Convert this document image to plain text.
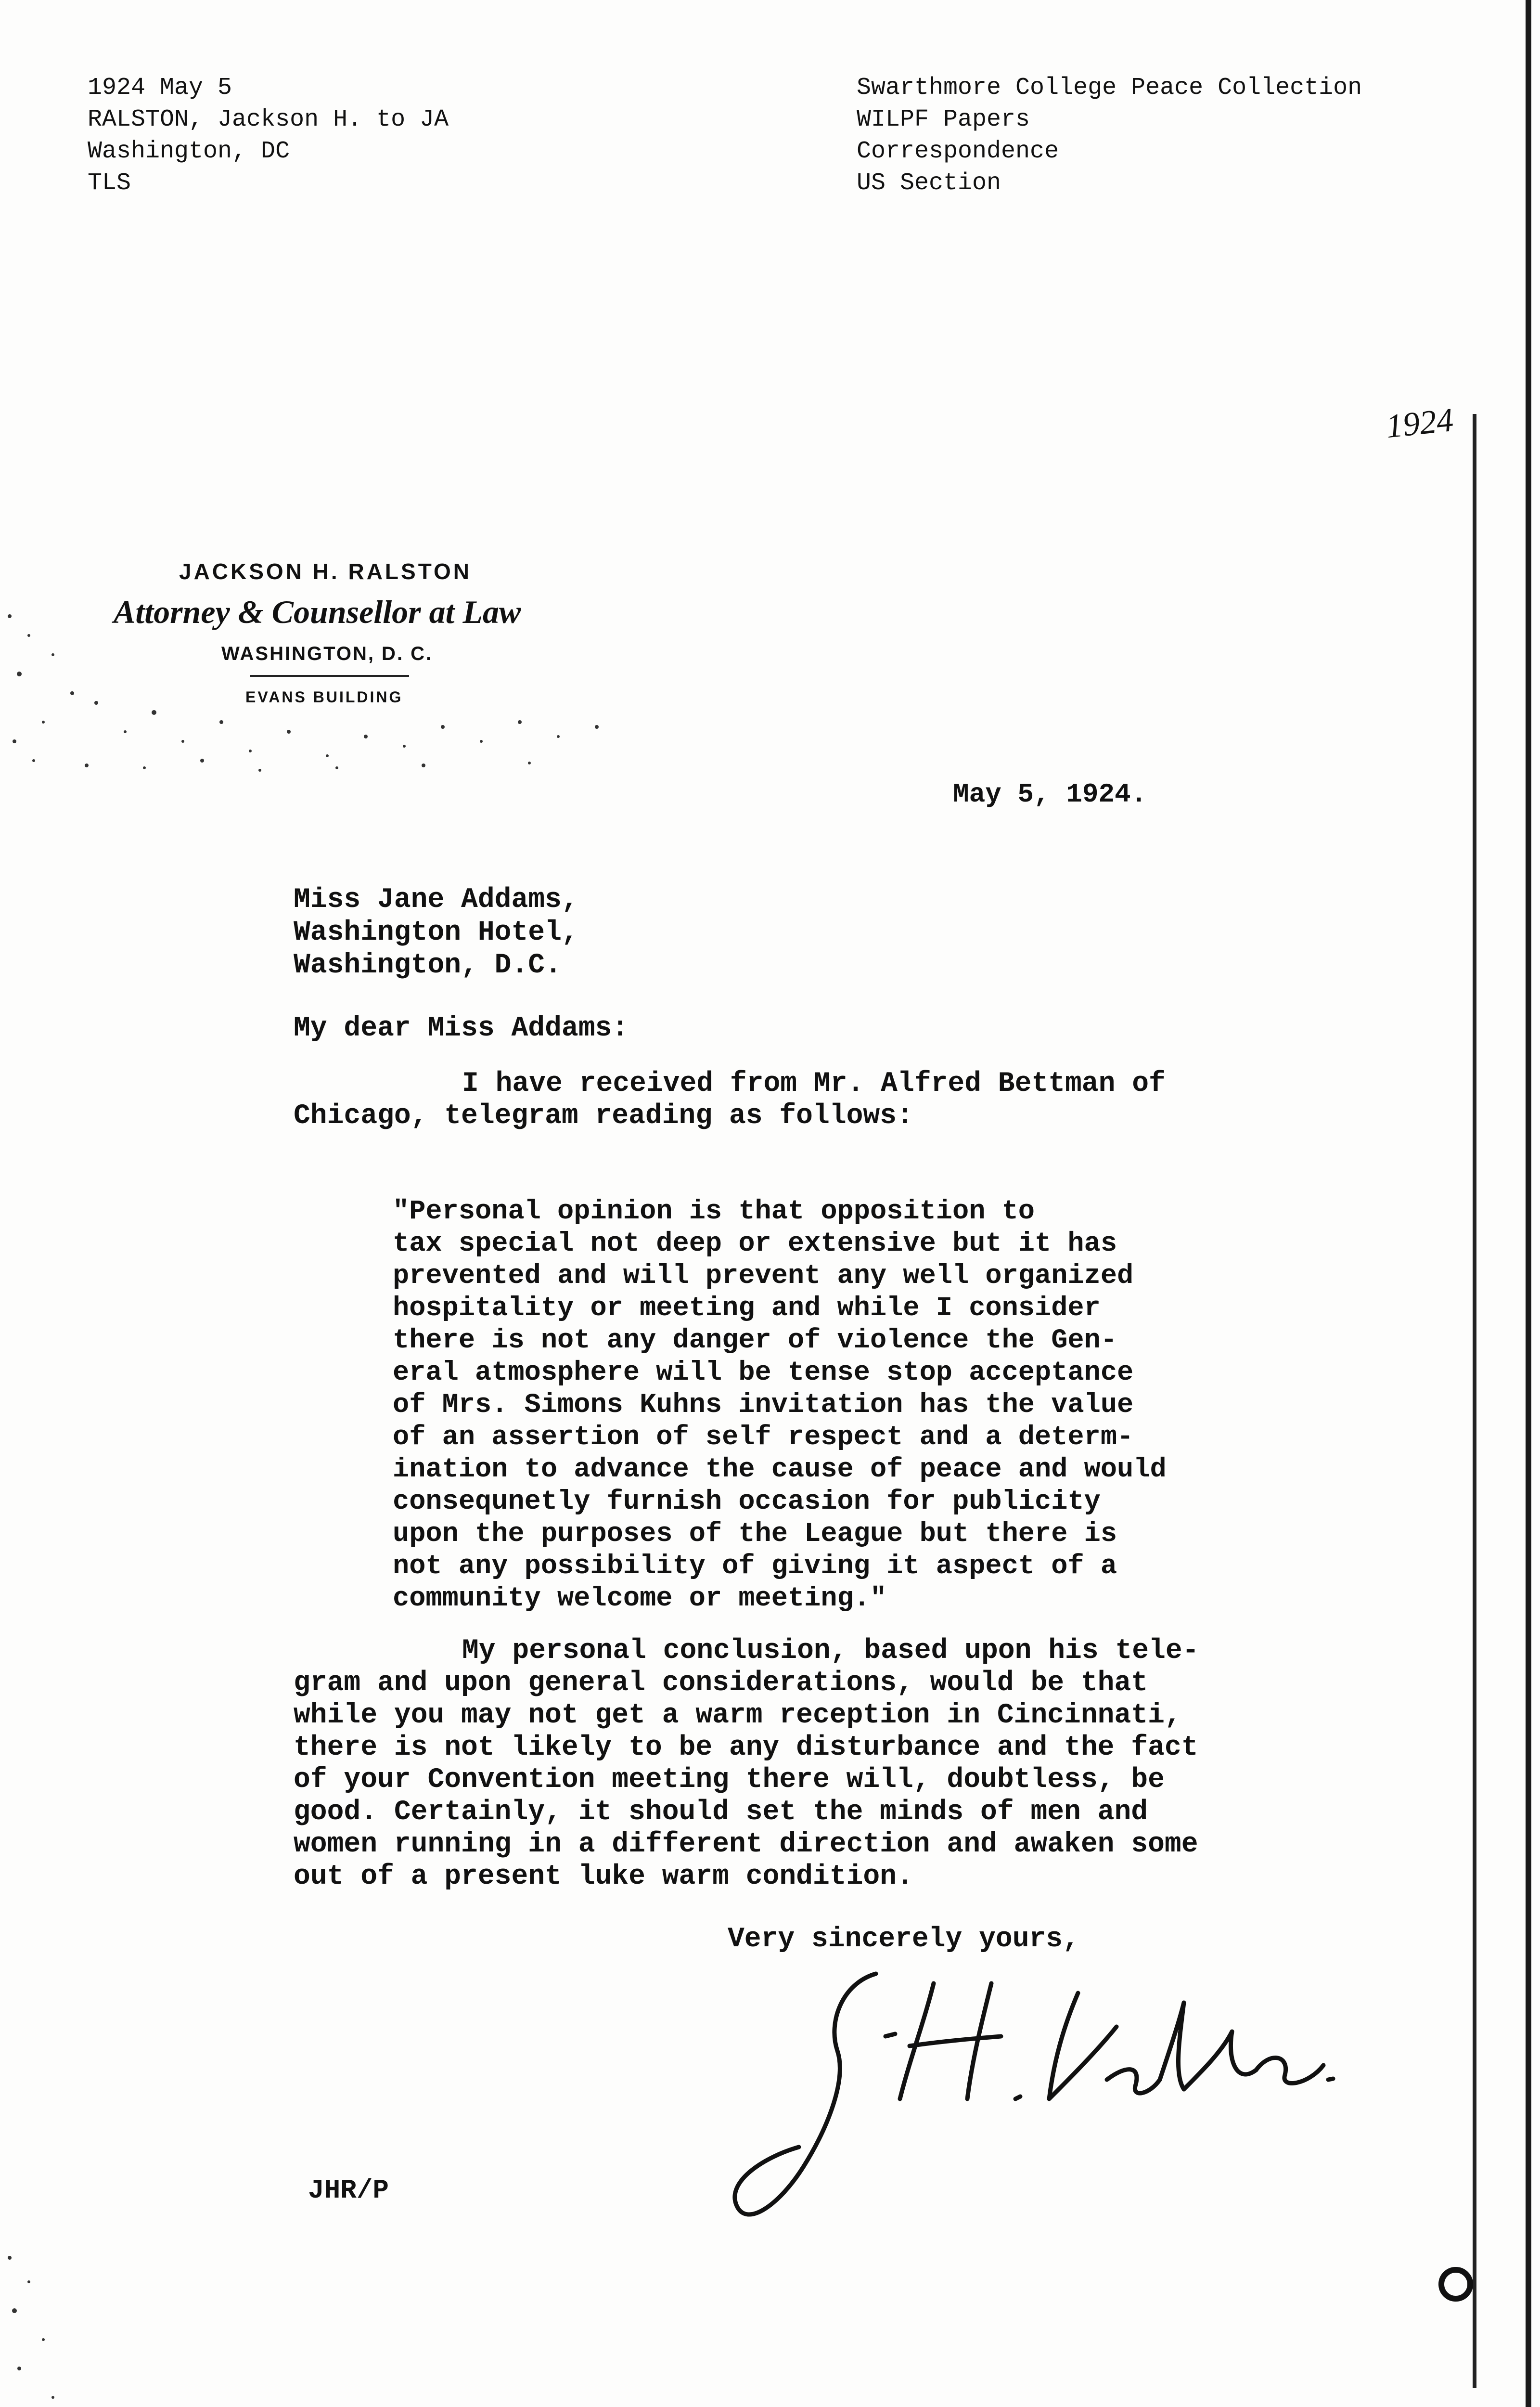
1924 May 5
RALSTON, Jackson H. to JA
Washington, DC
TLS
Swarthmore College Peace Collection
WILPF Papers
Correspondence
US Section
1924
JACKSON H. RALSTON
Attorney & Counsellor at Law
WASHINGTON, D. C.
EVANS BUILDING
May 5, 1924.
Miss Jane Addams,
Washington Hotel,
Washington, D.C.
My dear Miss Addams:
I have received from Mr. Alfred Bettman of
Chicago, telegram reading as follows:
"Personal opinion is that opposition to
tax special not deep or extensive but it has
prevented and will prevent any well organized
hospitality or meeting and while I consider
there is not any danger of violence the Gen-
eral atmosphere will be tense stop acceptance
of Mrs. Simons Kuhns invitation has the value
of an assertion of self respect and a determ-
ination to advance the cause of peace and would
consequnetly furnish occasion for publicity
upon the purposes of the League but there is
not any possibility of giving it aspect of a
community welcome or meeting."
My personal conclusion, based upon his tele-
gram and upon general considerations, would be that
while you may not get a warm reception in Cincinnati,
there is not likely to be any disturbance and the fact
of your Convention meeting there will, doubtless, be
good. Certainly, it should set the minds of men and
women running in a different direction and awaken some
out of a present luke warm condition.
Very sincerely yours,
JHR/P
